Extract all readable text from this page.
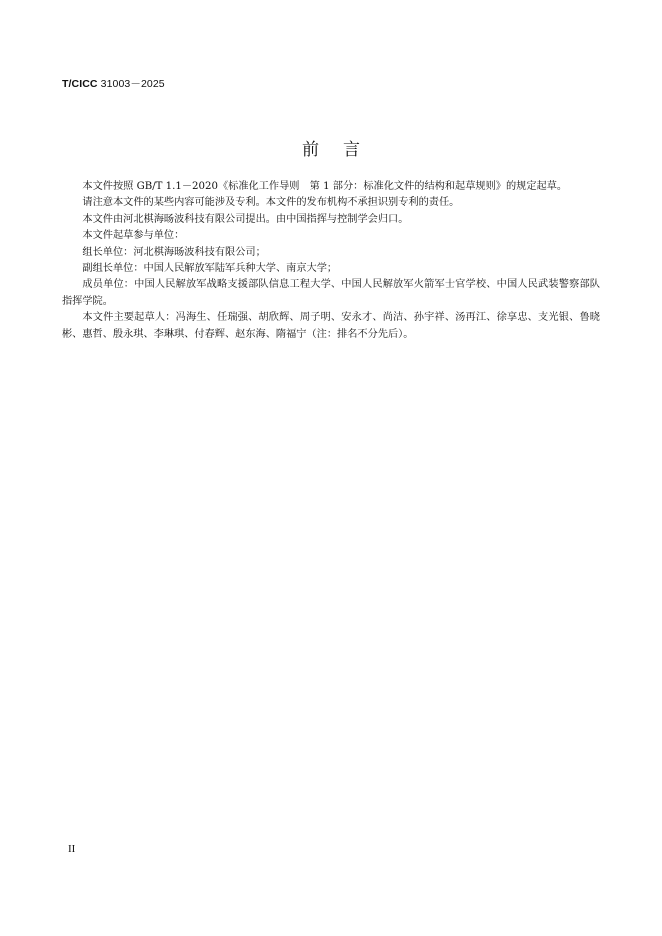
T/CICC 31003－2025
前 言

本文件按照 GB/T 1.1－2020《标准化工作导则　第 1 部分：标准化文件的结构和起草规则》的规定起草。

请注意本文件的某些内容可能涉及专利。本文件的发布机构不承担识别专利的责任。

本文件由河北棋海旸波科技有限公司提出。由中国指挥与控制学会归口。

本文件起草参与单位：

组长单位：河北棋海旸波科技有限公司；

副组长单位：中国人民解放军陆军兵种大学、南京大学；

成员单位：中国人民解放军战略支援部队信息工程大学、中国人民解放军火箭军士官学校、中国人民武装警察部队指挥学院。

本文件主要起草人：冯海生、任瑞强、胡欣辉、周子明、安永才、尚洁、孙宇祥、汤再江、徐享忠、支光银、鲁晓彬、惠哲、殷永琪、李琳琪、付春辉、赵东海、隋福宁（注：排名不分先后）。

II
